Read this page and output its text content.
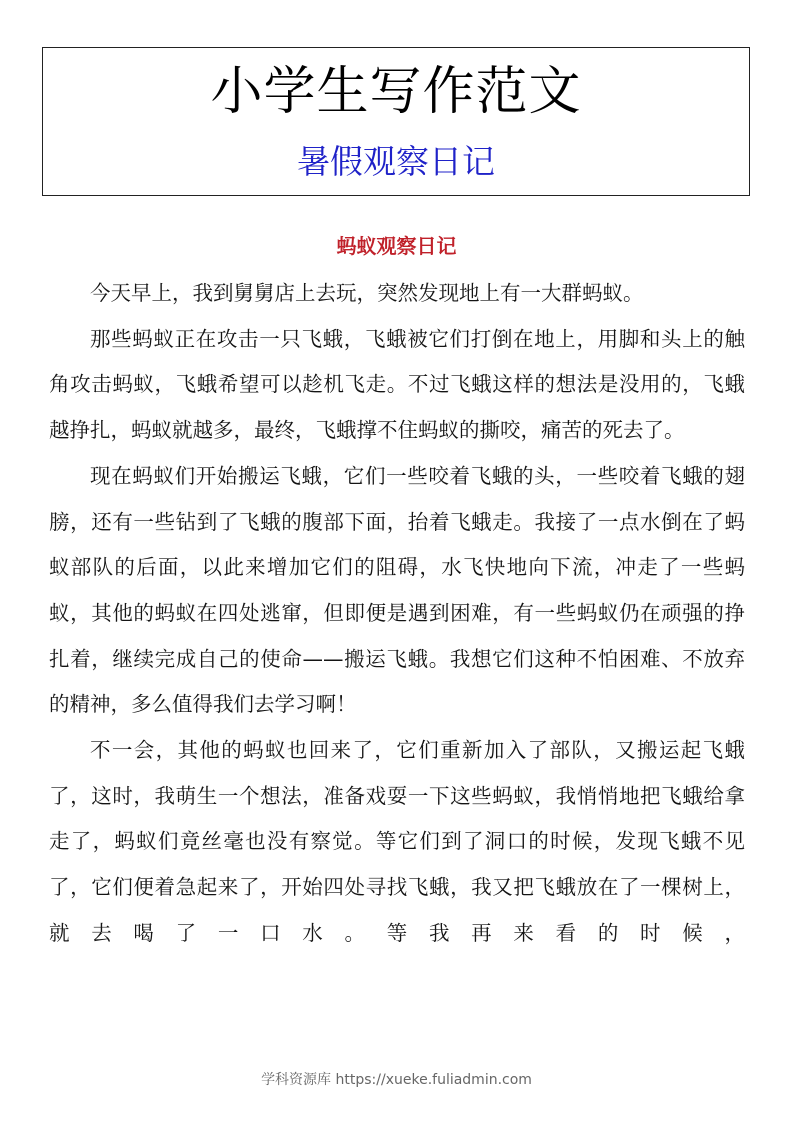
小学生写作范文
暑假观察日记
蚂蚁观察日记

今天早上，我到舅舅店上去玩，突然发现地上有一大群蚂蚁。

那些蚂蚁正在攻击一只飞蛾，飞蛾被它们打倒在地上，用脚和头上的触角攻击蚂蚁，飞蛾希望可以趁机飞走。不过飞蛾这样的想法是没用的，飞蛾越挣扎，蚂蚁就越多，最终，飞蛾撑不住蚂蚁的撕咬，痛苦的死去了。

现在蚂蚁们开始搬运飞蛾，它们一些咬着飞蛾的头，一些咬着飞蛾的翅膀，还有一些钻到了飞蛾的腹部下面，抬着飞蛾走。我接了一点水倒在了蚂蚁部队的后面，以此来增加它们的阻碍，水飞快地向下流，冲走了一些蚂蚁，其他的蚂蚁在四处逃窜，但即便是遇到困难，有一些蚂蚁仍在顽强的挣扎着，继续完成自己的使命——搬运飞蛾。我想它们这种不怕困难、不放弃的精神，多么值得我们去学习啊！

不一会，其他的蚂蚁也回来了，它们重新加入了部队，又搬运起飞蛾了，这时，我萌生一个想法，准备戏耍一下这些蚂蚁，我悄悄地把飞蛾给拿走了，蚂蚁们竟丝毫也没有察觉。等它们到了洞口的时候，发现飞蛾不见了，它们便着急起来了，开始四处寻找飞蛾，我又把飞蛾放在了一棵树上，就去喝了一口水。等我再来看的时候，

学科资源库 https://xueke.fuliadmin.com
